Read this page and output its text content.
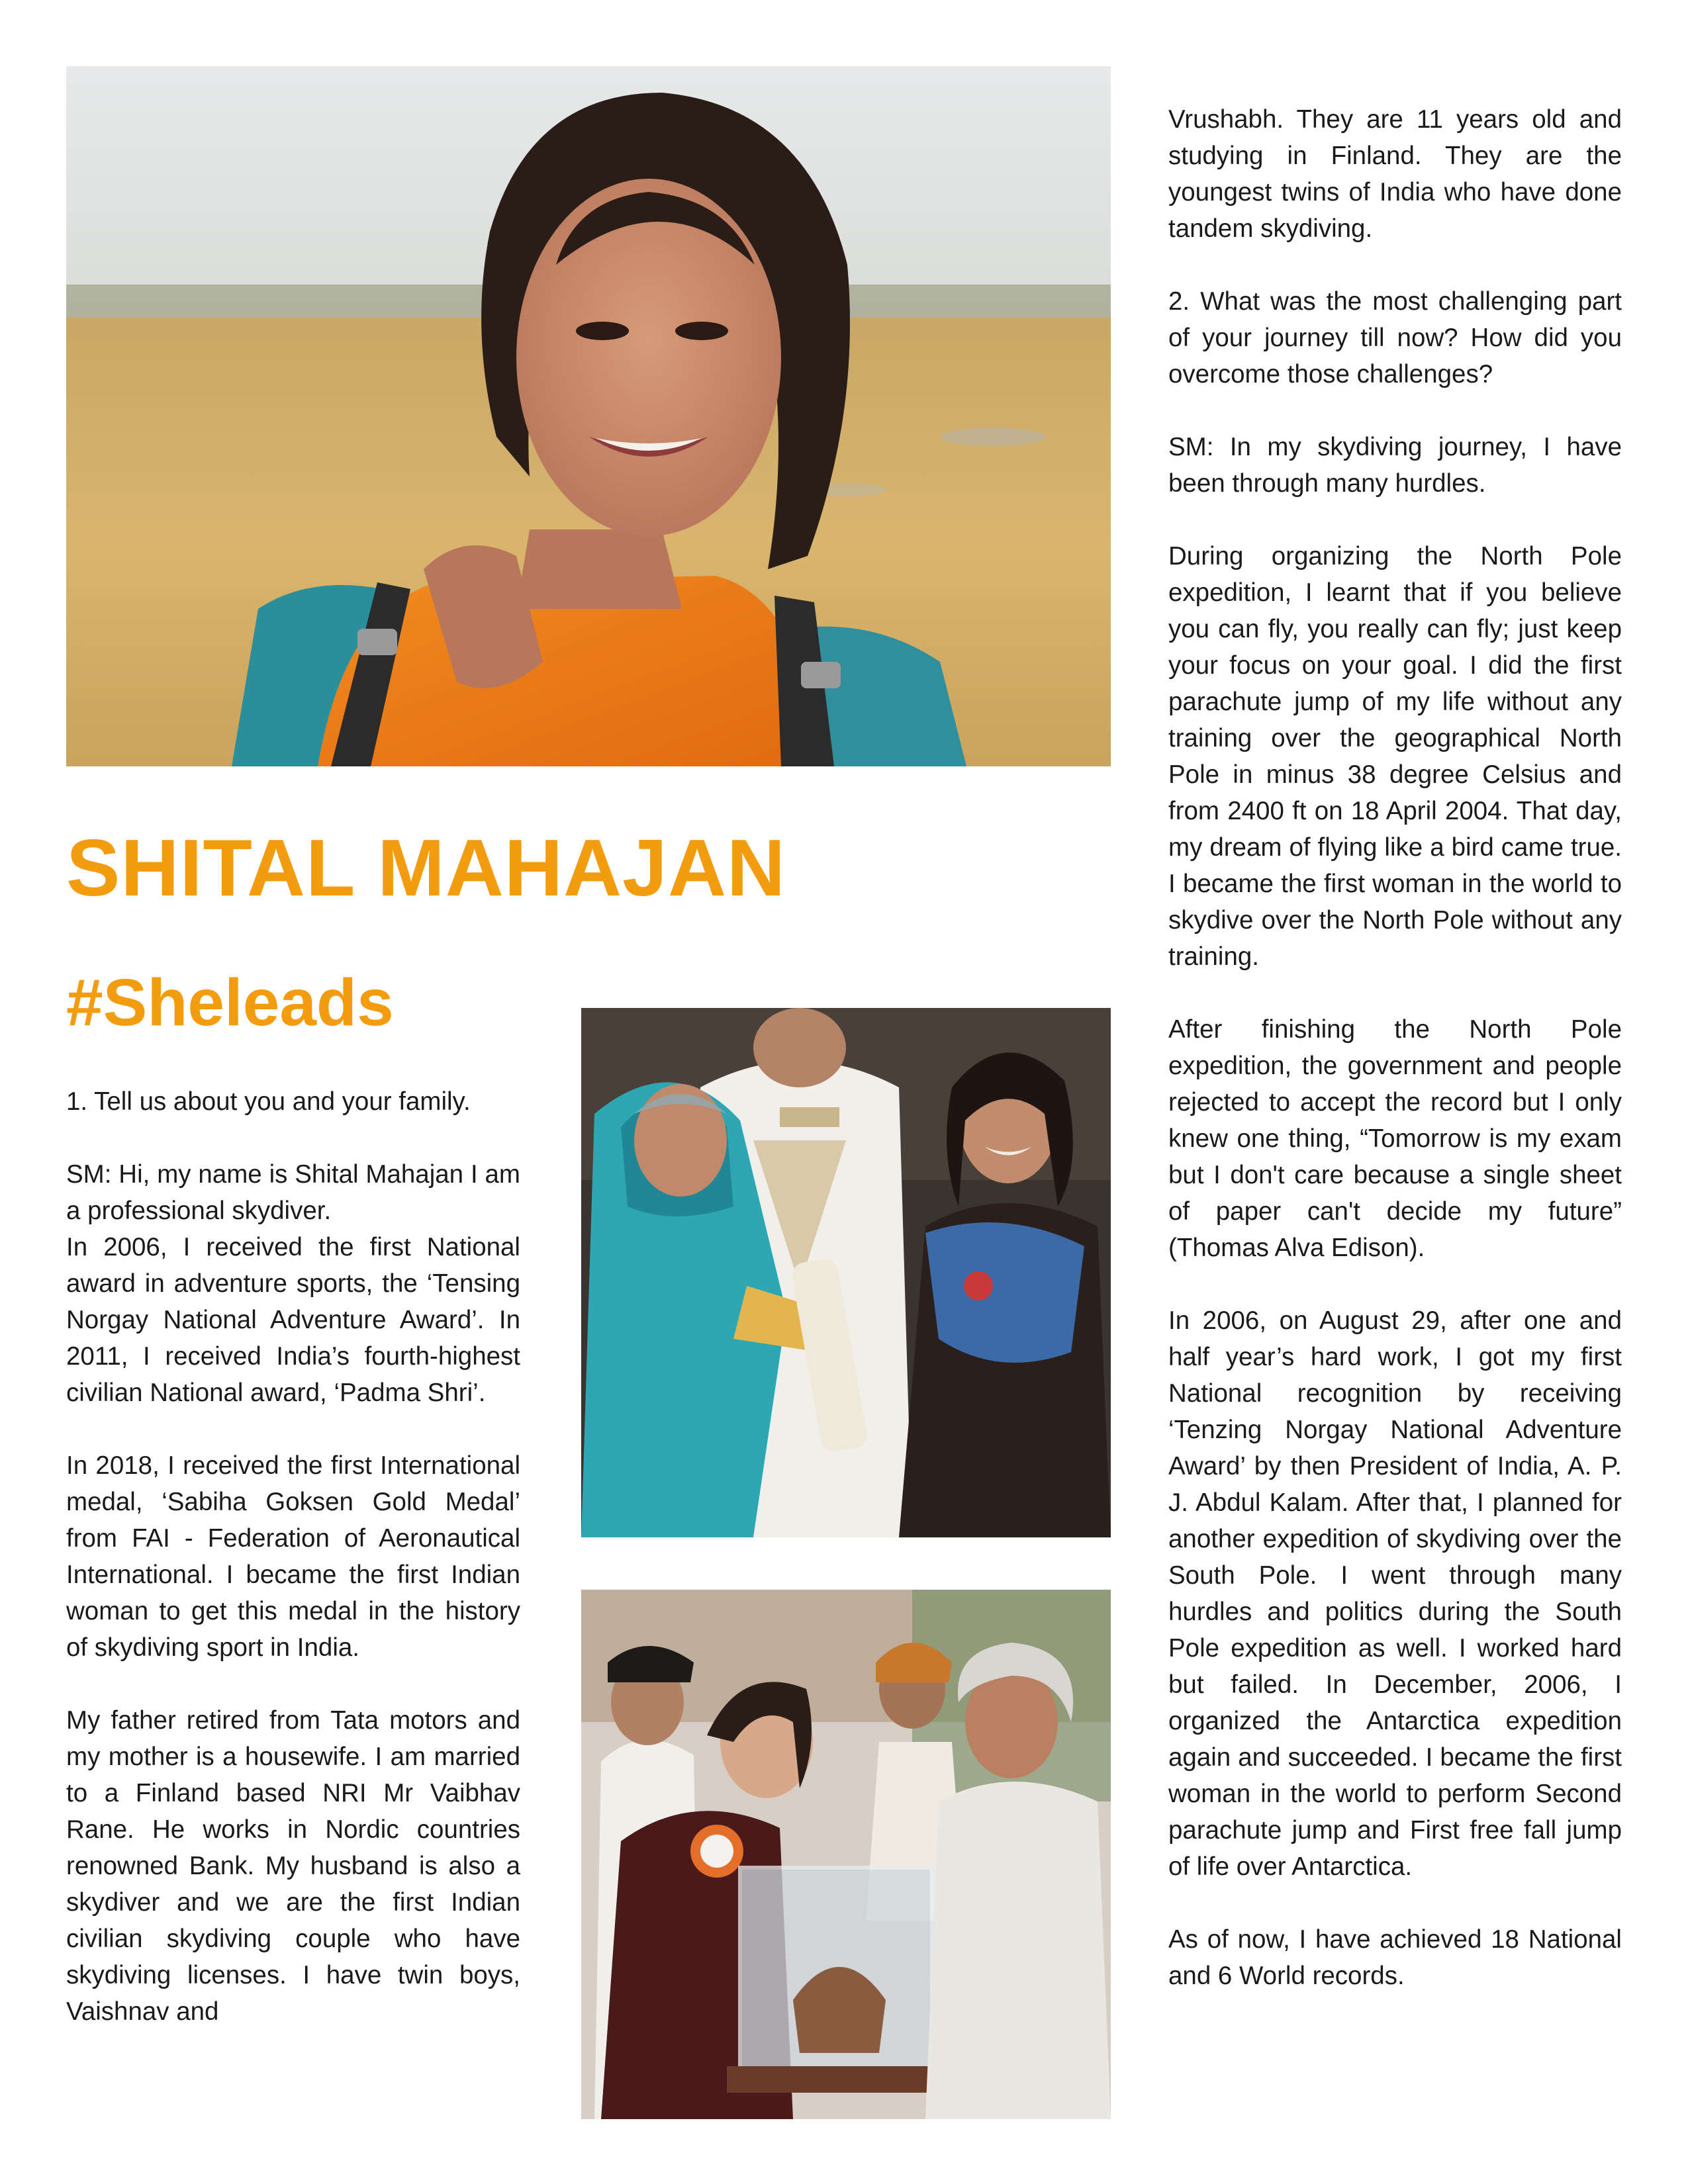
SHITAL MAHAJAN
#Sheleads

1. Tell us about you and your family.

SM: Hi, my name is Shital Mahajan I am a professional skydiver.

In 2006, I received the first National award in adventure sports, the ‘Tensing Norgay National Adventure Award’. In 2011, I received India’s fourth-highest civilian National award, ‘Padma Shri’.

In 2018, I received the first International medal, ‘Sabiha Goksen Gold Medal’ from FAI - Federation of Aeronautical International. I became the first Indian woman to get this medal in the history of skydiving sport in India.

My father retired from Tata motors and my mother is a housewife. I am married to a Finland based NRI Mr Vaibhav Rane. He works in Nordic countries renowned Bank. My husband is also a skydiver and we are the first Indian civilian skydiving couple who have skydiving licenses. I have twin boys, Vaishnav and

Vrushabh. They are 11 years old and studying in Finland. They are the youngest twins of India who have done tandem skydiving.

2. What was the most challenging part of your journey till now? How did you overcome those challenges?

SM: In my skydiving journey, I have been through many hurdles.

During organizing the North Pole expedition, I learnt that if you believe you can fly, you really can fly; just keep your focus on your goal. I did the first parachute jump of my life without any training over the geographical North Pole in minus 38 degree Celsius and from 2400 ft on 18 April 2004. That day, my dream of flying like a bird came true. I became the first woman in the world to skydive over the North Pole without any training.

After finishing the North Pole expedition, the government and people rejected to accept the record but I only knew one thing, “Tomorrow is my exam but I don't care because a single sheet of paper can't decide my future” (Thomas Alva Edison).

In 2006, on August 29, after one and half year’s hard work, I got my first National recognition by receiving ‘Tenzing Norgay National Adventure Award’ by then President of India, A. P. J. Abdul Kalam. After that, I planned for another expedition of skydiving over the South Pole. I went through many hurdles and politics during the South Pole expedition as well. I worked hard but failed. In December, 2006, I organized the Antarctica expedition again and succeeded. I became the first woman in the world to perform Second parachute jump and First free fall jump of life over Antarctica.

As of now, I have achieved 18 National and 6 World records.
